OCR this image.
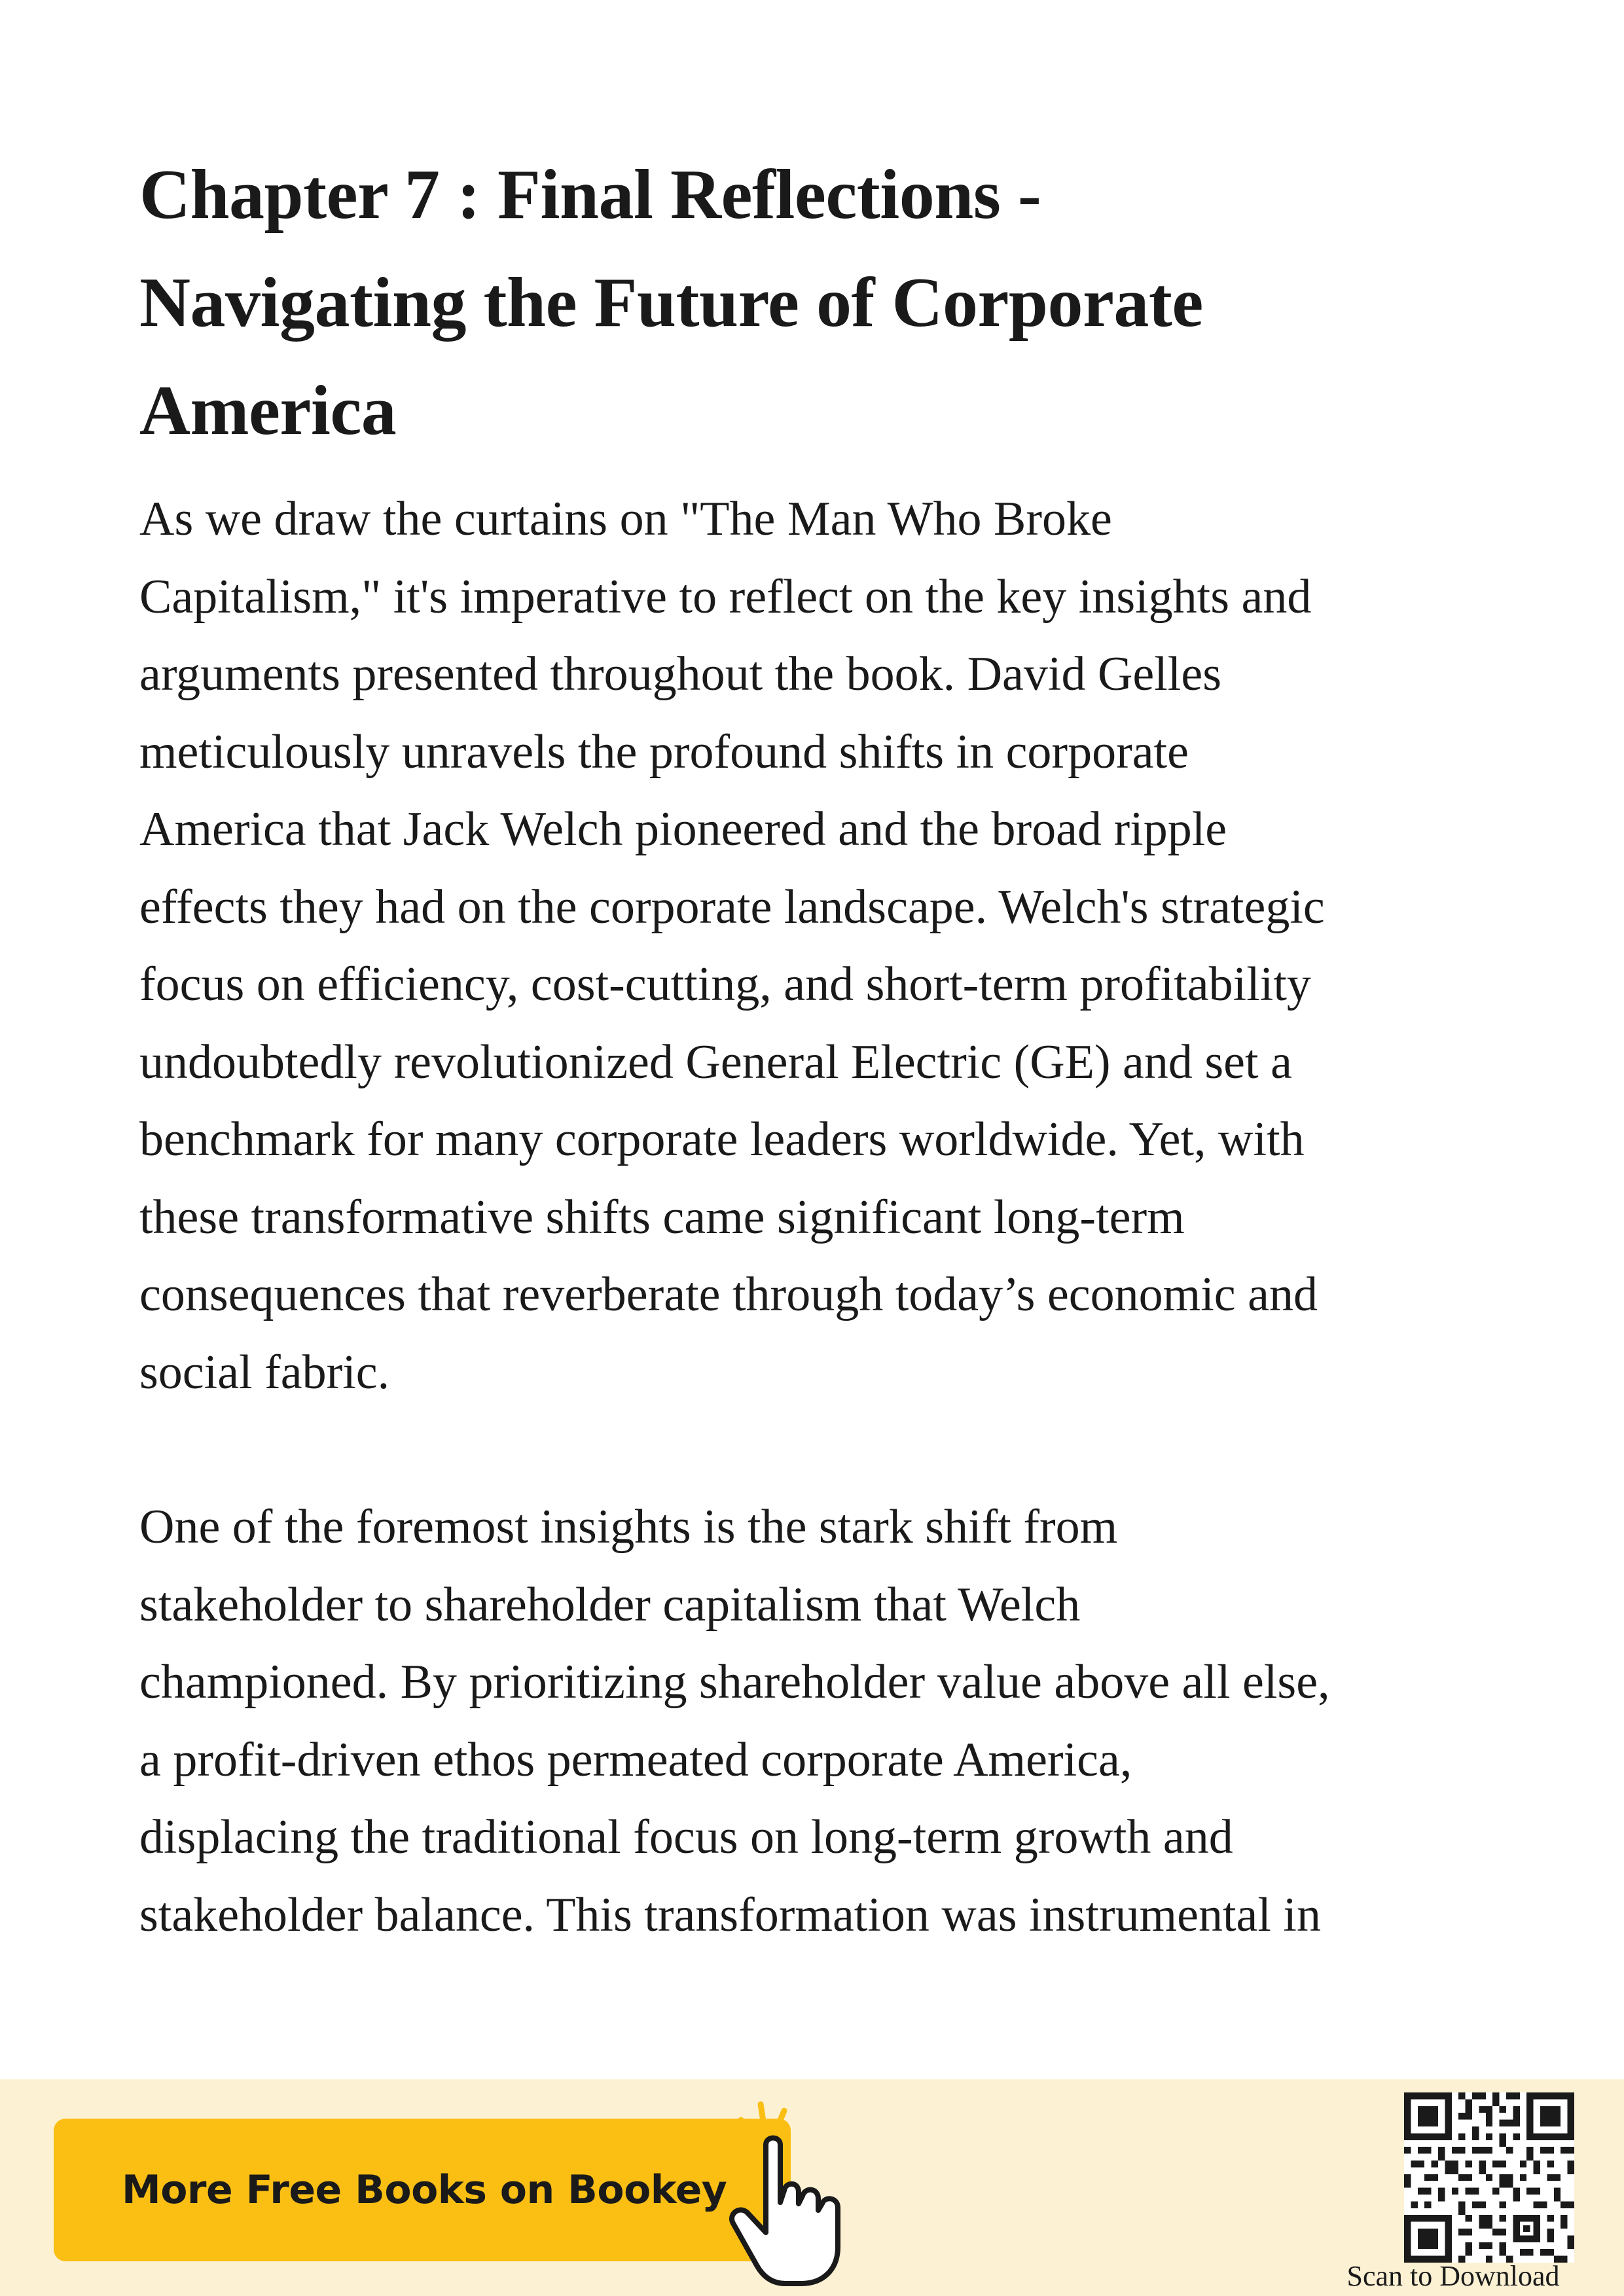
Chapter 7 : Final Reflections -
Navigating the Future of Corporate
America

As we draw the curtains on "The Man Who Broke
Capitalism," it's imperative to reflect on the key insights and
arguments presented throughout the book. David Gelles
meticulously unravels the profound shifts in corporate
America that Jack Welch pioneered and the broad ripple
effects they had on the corporate landscape. Welch's strategic
focus on efficiency, cost-cutting, and short-term profitability
undoubtedly revolutionized General Electric (GE) and set a
benchmark for many corporate leaders worldwide. Yet, with
these transformative shifts came significant long-term
consequences that reverberate through today’s economic and
social fabric.

One of the foremost insights is the stark shift from
stakeholder to shareholder capitalism that Welch
championed. By prioritizing shareholder value above all else,
a profit-driven ethos permeated corporate America,
displacing the traditional focus on long-term growth and
stakeholder balance. This transformation was instrumental in

More Free Books on Bookey
Scan to Download
